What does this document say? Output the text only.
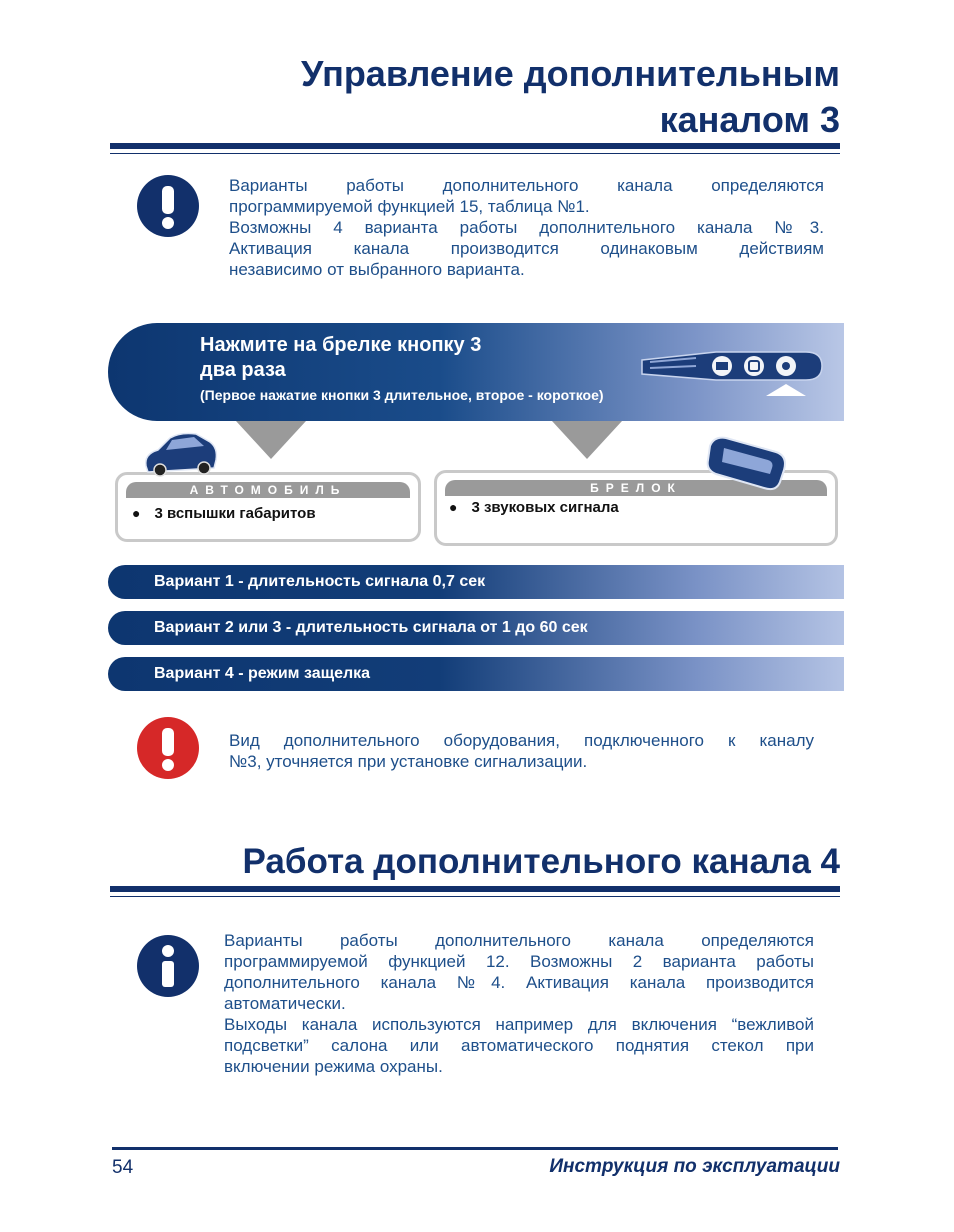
Управление дополнительным
каналом 3

Варианты работы дополнительного канала определяются

программируемой функцией 15, таблица №1.

Возможны 4 варианта работы дополнительного канала №3.

Активация канала производится одинаковым действиям

независимо от выбранного варианта.

Нажмите на брелке кнопку 3
два раза
(Первое нажатие кнопки 3 длительное, второе - короткое)
АВТОМОБИЛЬ
● 3 вспышки габаритов
БРЕЛОК
● 3 звуковых сигнала
Вариант 1 - длительность сигнала 0,7 сек
Вариант 2 или 3 - длительность сигнала от 1 до 60 сек
Вариант 4 - режим защелка

Вид дополнительного оборудования, подключенного к каналу

№3, уточняется при установке сигнализации.

Работа дополнительного канала 4

Варианты работы дополнительного канала определяются

программируемой функцией 12. Возможны 2 варианта работы

дополнительного канала №4. Активация канала производится

автоматически.

Выходы канала используются например для включения “вежливой

подсветки” салона или автоматического поднятия стекол при

включении режима охраны.

54	Инструкция по эксплуатации
